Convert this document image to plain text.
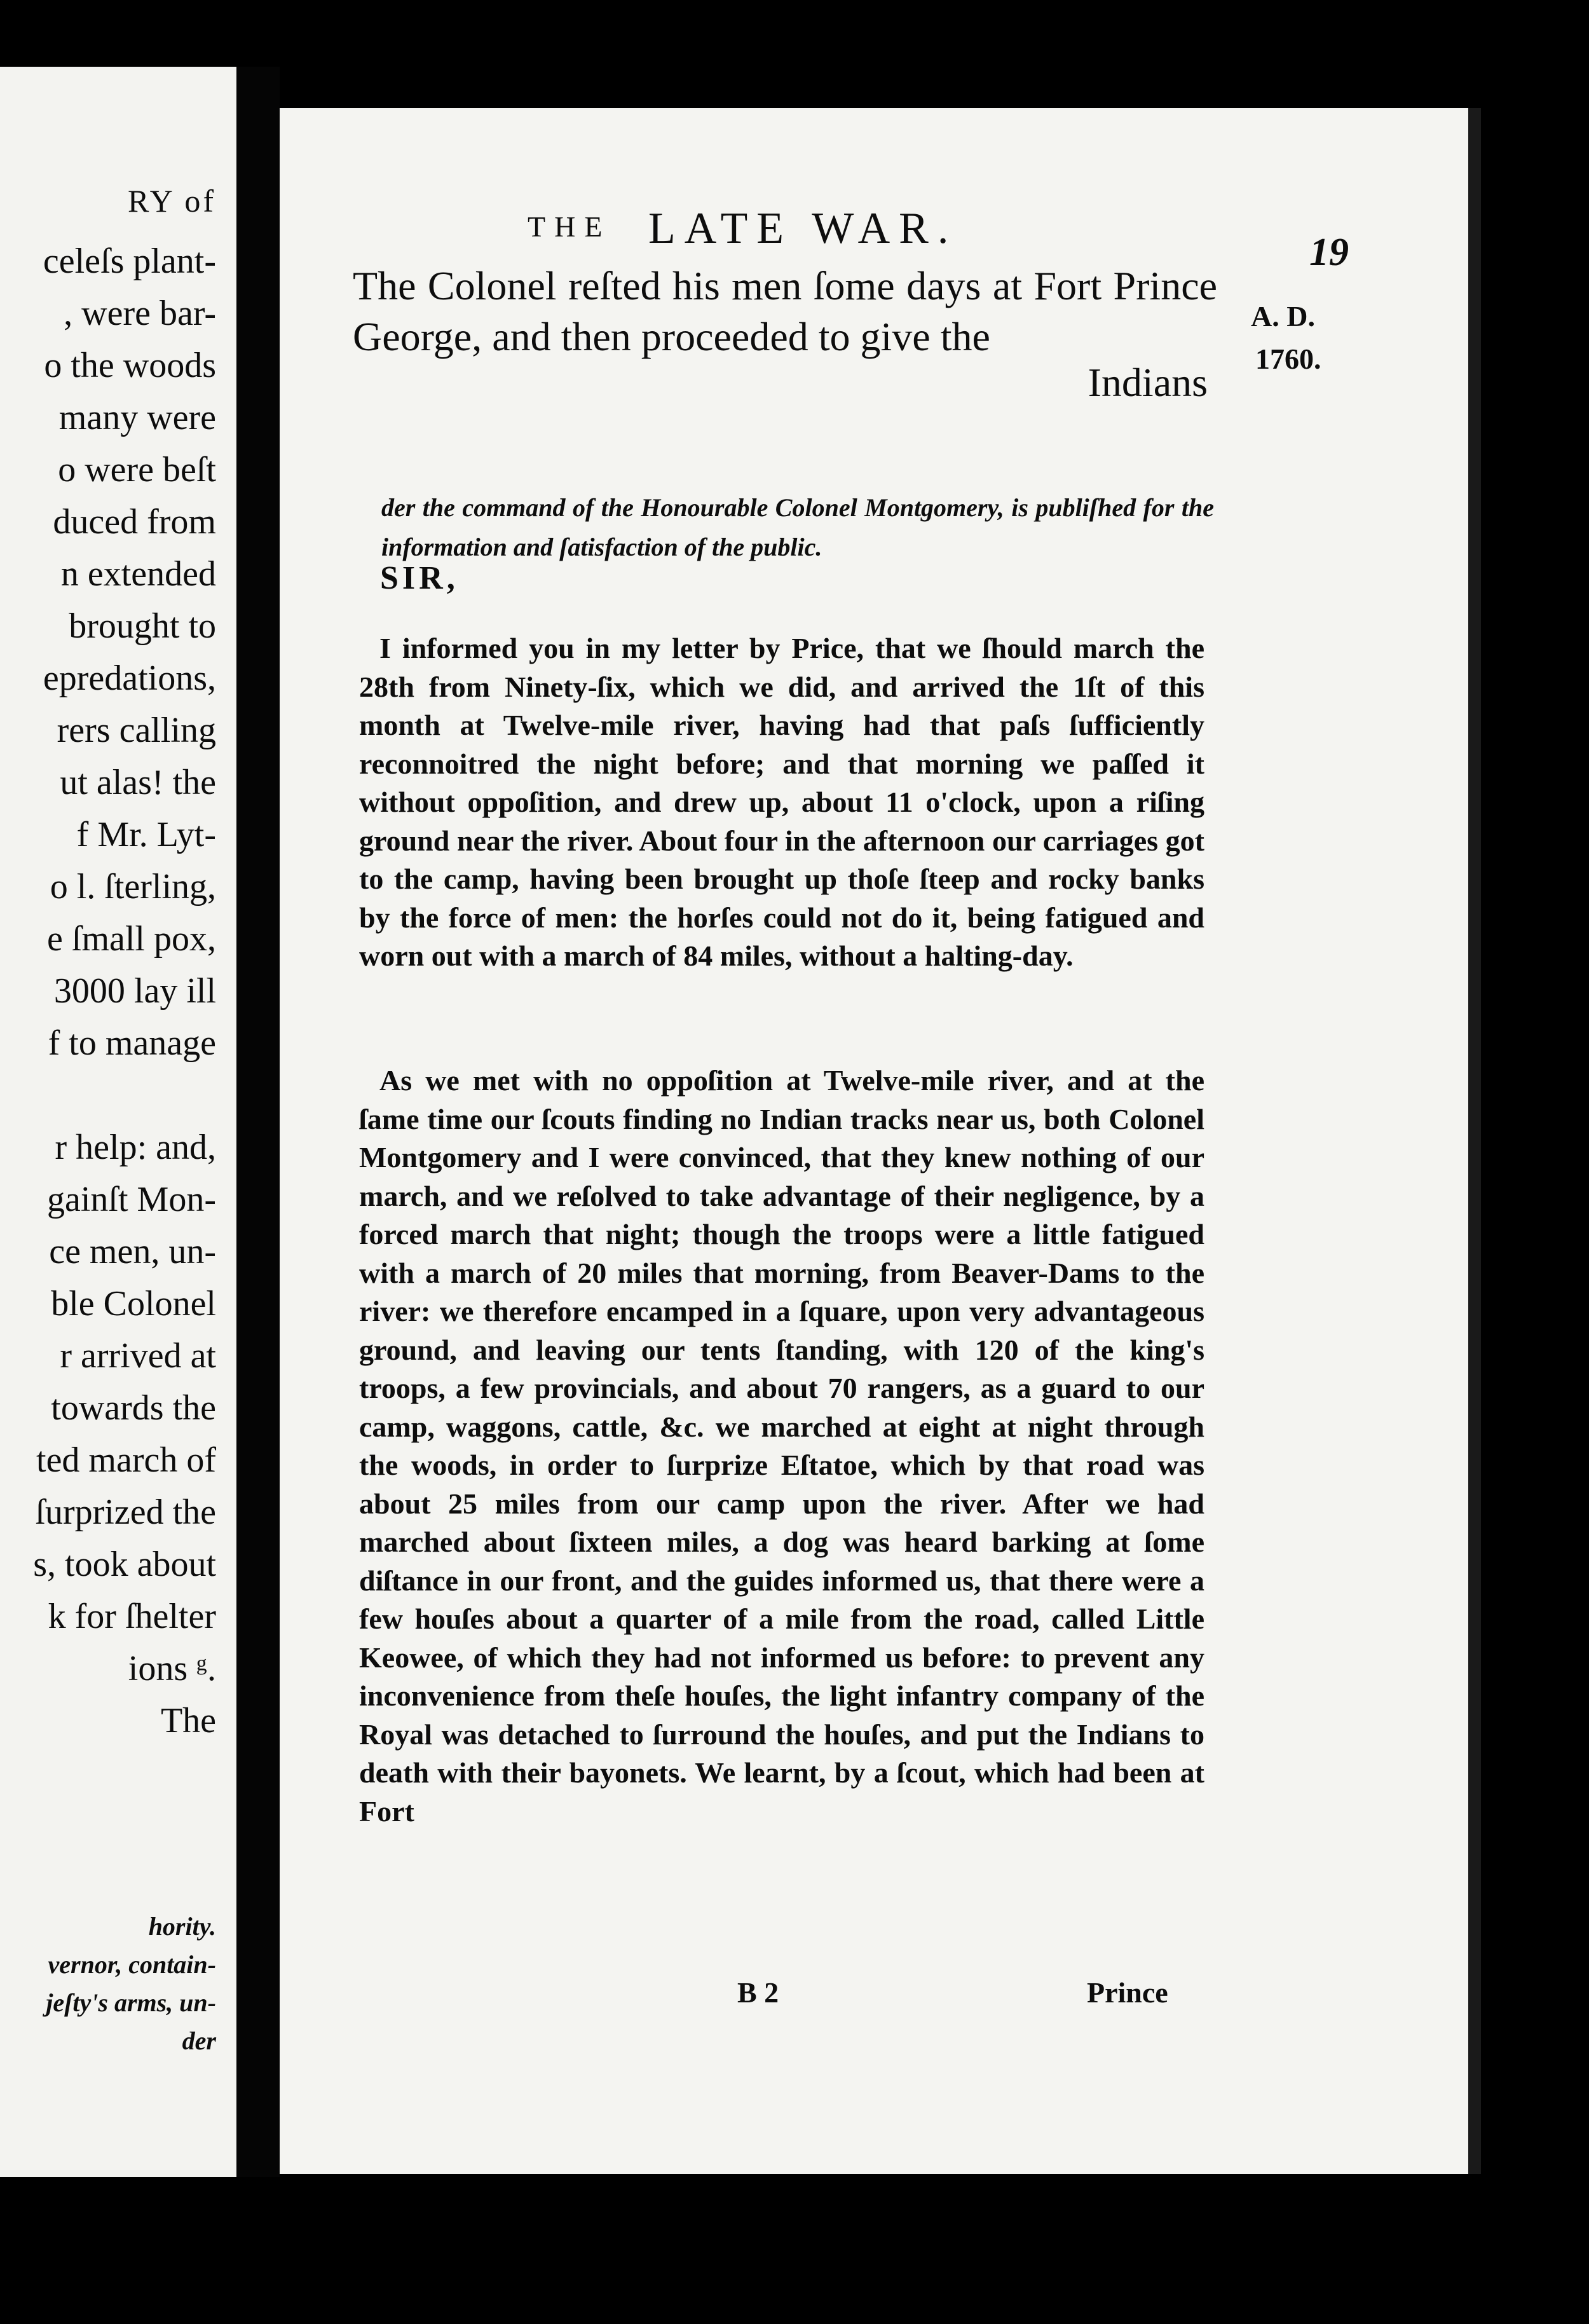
RY of
celeſs plant-
, were bar-
o the woods
many were
o were beſt
duced from
n extended
brought to
epredations,
rers calling
ut alas! the
f Mr. Lyt-
o l. ſterling,
e ſmall pox,
3000 lay ill
f to manage
r help: and,
gainſt Mon-
ce men, un-
ble Colonel
r arrived at
towards the
ted march of
ſurprized the
s, took about
k for ſhelter
ions ᵍ.
The
hority.
vernor, contain-
jeſty's arms, un-
der
THE LATE WAR.	19
A. D.
1760.
The Colonel reſted his men ſome days at Fort Prince George, and then proceeded to give the
Indians
der the command of the Honourable Colonel Montgomery, is publiſhed for the information and ſatisfaction of the public.
SIR,
I informed you in my letter by Price, that we ſhould march the 28th from Ninety-ſix, which we did, and arrived the 1ſt of this month at Twelve-mile river, having had that paſs ſufficiently reconnoitred the night before; and that morning we paſſed it without oppoſition, and drew up, about 11 o'clock, upon a riſing ground near the river. About four in the afternoon our carriages got to the camp, having been brought up thoſe ſteep and rocky banks by the force of men: the horſes could not do it, being fatigued and worn out with a march of 84 miles, without a halting-day.
As we met with no oppoſition at Twelve-mile river, and at the ſame time our ſcouts finding no Indian tracks near us, both Colonel Montgomery and I were convinced, that they knew nothing of our march, and we reſolved to take advantage of their negligence, by a forced march that night; though the troops were a little fatigued with a march of 20 miles that morning, from Beaver-Dams to the river: we therefore encamped in a ſquare, upon very advantageous ground, and leaving our tents ſtanding, with 120 of the king's troops, a few provincials, and about 70 rangers, as a guard to our camp, waggons, cattle, &c. we marched at eight at night through the woods, in order to ſurprize Eſtatoe, which by that road was about 25 miles from our camp upon the river. After we had marched about ſixteen miles, a dog was heard barking at ſome diſtance in our front, and the guides informed us, that there were a few houſes about a quarter of a mile from the road, called Little Keowee, of which they had not informed us before: to prevent any inconvenience from theſe houſes, the light infantry company of the Royal was detached to ſurround the houſes, and put the Indians to death with their bayonets. We learnt, by a ſcout, which had been at Fort
B 2	Prince
